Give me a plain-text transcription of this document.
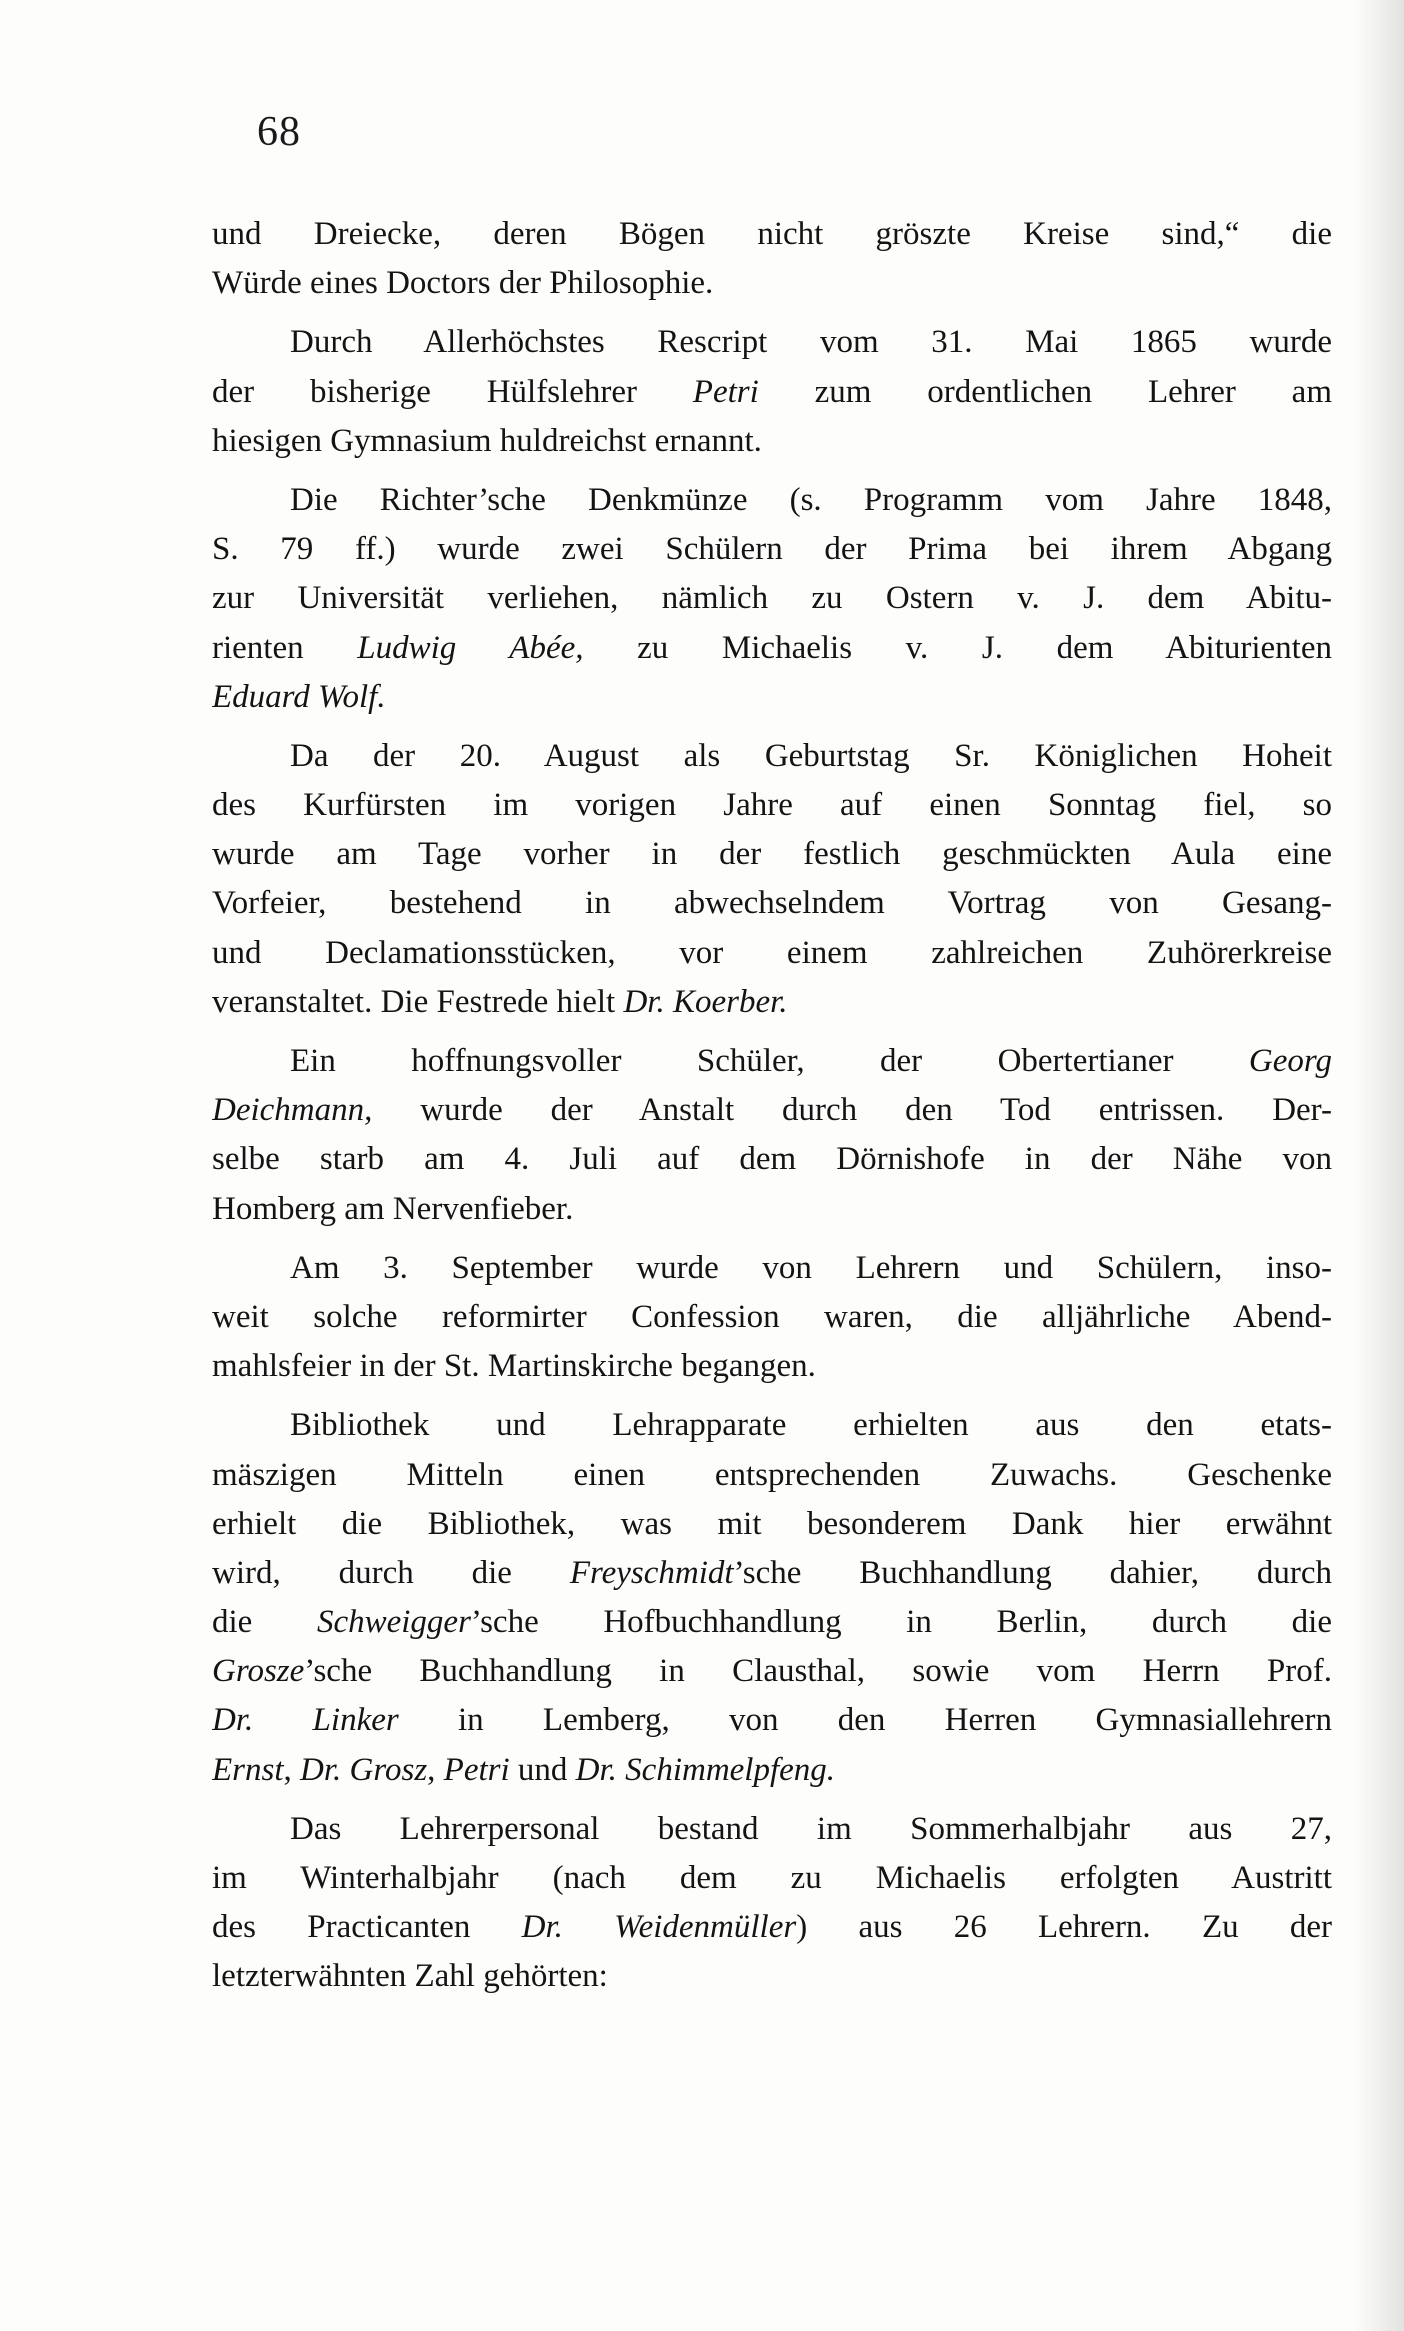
68
und Dreiecke, deren Bögen nicht gröszte Kreise sind,“ die
Würde eines Doctors der Philosophie.
Durch Allerhöchstes Rescript vom 31. Mai 1865 wurde
der bisherige Hülfslehrer Petri zum ordentlichen Lehrer am
hiesigen Gymnasium huldreichst ernannt.
Die Richter’sche Denkmünze (s. Programm vom Jahre 1848,
S. 79 ff.) wurde zwei Schülern der Prima bei ihrem Abgang
zur Universität verliehen, nämlich zu Ostern v. J. dem Abitu-
rienten Ludwig Abée, zu Michaelis v. J. dem Abiturienten
Eduard Wolf.
Da der 20. August als Geburtstag Sr. Königlichen Hoheit
des Kurfürsten im vorigen Jahre auf einen Sonntag fiel, so
wurde am Tage vorher in der festlich geschmückten Aula eine
Vorfeier, bestehend in abwechselndem Vortrag von Gesang-
und Declamationsstücken, vor einem zahlreichen Zuhörerkreise
veranstaltet. Die Festrede hielt Dr. Koerber.
Ein hoffnungsvoller Schüler, der Obertertianer Georg
Deichmann, wurde der Anstalt durch den Tod entrissen. Der-
selbe starb am 4. Juli auf dem Dörnishofe in der Nähe von
Homberg am Nervenfieber.
Am 3. September wurde von Lehrern und Schülern, inso-
weit solche reformirter Confession waren, die alljährliche Abend-
mahlsfeier in der St. Martinskirche begangen.
Bibliothek und Lehrapparate erhielten aus den etats-
mäszigen Mitteln einen entsprechenden Zuwachs. Geschenke
erhielt die Bibliothek, was mit besonderem Dank hier erwähnt
wird, durch die Freyschmidt’sche Buchhandlung dahier, durch
die Schweigger’sche Hofbuchhandlung in Berlin, durch die
Grosze’sche Buchhandlung in Clausthal, sowie vom Herrn Prof.
Dr. Linker in Lemberg, von den Herren Gymnasiallehrern
Ernst, Dr. Grosz, Petri und Dr. Schimmelpfeng.
Das Lehrerpersonal bestand im Sommerhalbjahr aus 27,
im Winterhalbjahr (nach dem zu Michaelis erfolgten Austritt
des Practicanten Dr. Weidenmüller) aus 26 Lehrern. Zu der
letzterwähnten Zahl gehörten:
